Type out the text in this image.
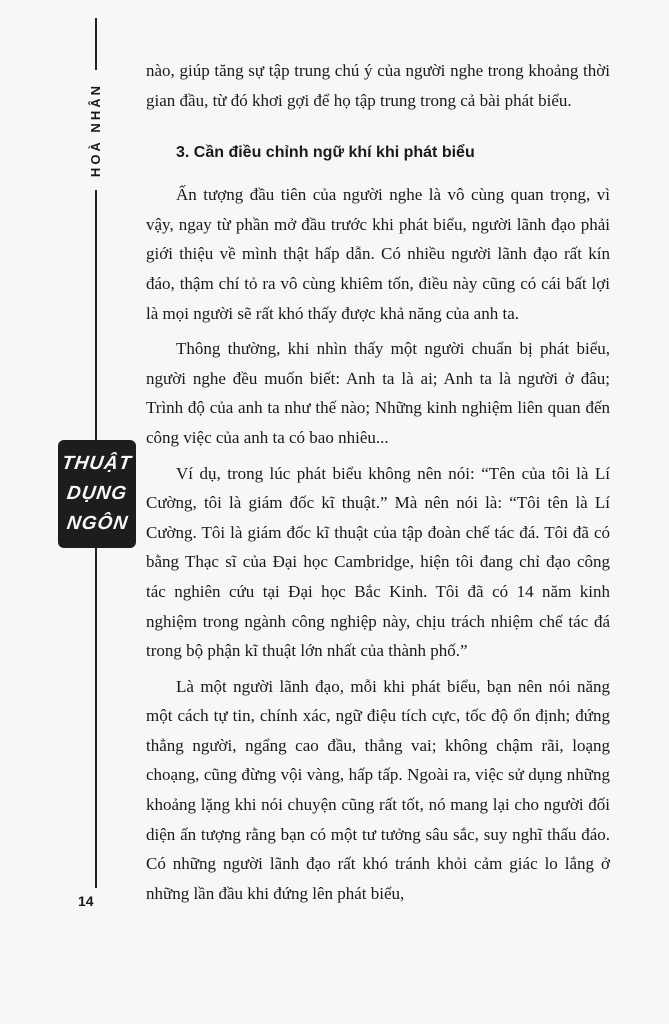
HOÀ NHÂN
THUẬT
DỤNG
NGÔN
14

nào, giúp tăng sự tập trung chú ý của người nghe trong khoảng thời gian đầu, từ đó khơi gợi để họ tập trung trong cả bài phát biểu.

3. Cần điều chỉnh ngữ khí khi phát biểu

Ấn tượng đầu tiên của người nghe là vô cùng quan trọng, vì vậy, ngay từ phần mở đầu trước khi phát biểu, người lãnh đạo phải giới thiệu về mình thật hấp dẫn. Có nhiều người lãnh đạo rất kín đáo, thậm chí tỏ ra vô cùng khiêm tốn, điều này cũng có cái bất lợi là mọi người sẽ rất khó thấy được khả năng của anh ta.

Thông thường, khi nhìn thấy một người chuẩn bị phát biểu, người nghe đều muốn biết: Anh ta là ai; Anh ta là người ở đâu; Trình độ của anh ta như thế nào; Những kinh nghiệm liên quan đến công việc của anh ta có bao nhiêu...

Ví dụ, trong lúc phát biểu không nên nói: “Tên của tôi là Lí Cường, tôi là giám đốc kĩ thuật.” Mà nên nói là: “Tôi tên là Lí Cường. Tôi là giám đốc kĩ thuật của tập đoàn chế tác đá. Tôi đã có bằng Thạc sĩ của Đại học Cambridge, hiện tôi đang chỉ đạo công tác nghiên cứu tại Đại học Bắc Kinh. Tôi đã có 14 năm kinh nghiệm trong ngành công nghiệp này, chịu trách nhiệm chế tác đá trong bộ phận kĩ thuật lớn nhất của thành phố.”

Là một người lãnh đạo, mỗi khi phát biểu, bạn nên nói năng một cách tự tin, chính xác, ngữ điệu tích cực, tốc độ ổn định; đứng thẳng người, ngẩng cao đầu, thẳng vai; không chậm rãi, loạng choạng, cũng đừng vội vàng, hấp tấp. Ngoài ra, việc sử dụng những khoảng lặng khi nói chuyện cũng rất tốt, nó mang lại cho người đối diện ấn tượng rằng bạn có một tư tưởng sâu sắc, suy nghĩ thấu đáo. Có những người lãnh đạo rất khó tránh khỏi cảm giác lo lắng ở những lần đầu khi đứng lên phát biểu,
